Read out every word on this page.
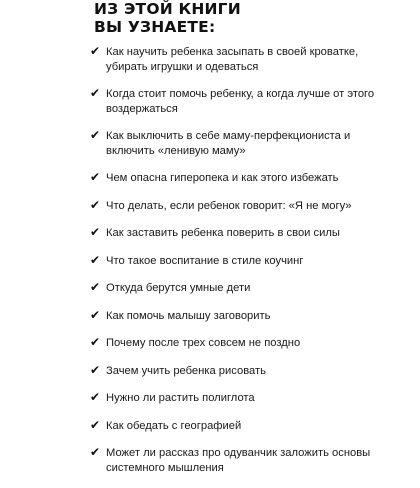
ИЗ ЭТОЙ КНИГИ
ВЫ УЗНАЕТЕ:
✔ Как научить ребенка засыпать в своей кроватке, убирать игрушки и одеваться
✔ Когда стоит помочь ребенку, а когда лучше от этого воздержаться
✔ Как выключить в себе маму-перфекциониста и включить «ленивую маму»
✔ Чем опасна гиперопека и как этого избежать
✔ Что делать, если ребенок говорит: «Я не могу»
✔ Как заставить ребенка поверить в свои силы
✔ Что такое воспитание в стиле коучинг
✔ Откуда берутся умные дети
✔ Как помочь малышу заговорить
✔ Почему после трех совсем не поздно
✔ Зачем учить ребенка рисовать
✔ Нужно ли растить полиглота
✔ Как обедать с географией
✔ Может ли рассказ про одуванчик заложить основы системного мышления
